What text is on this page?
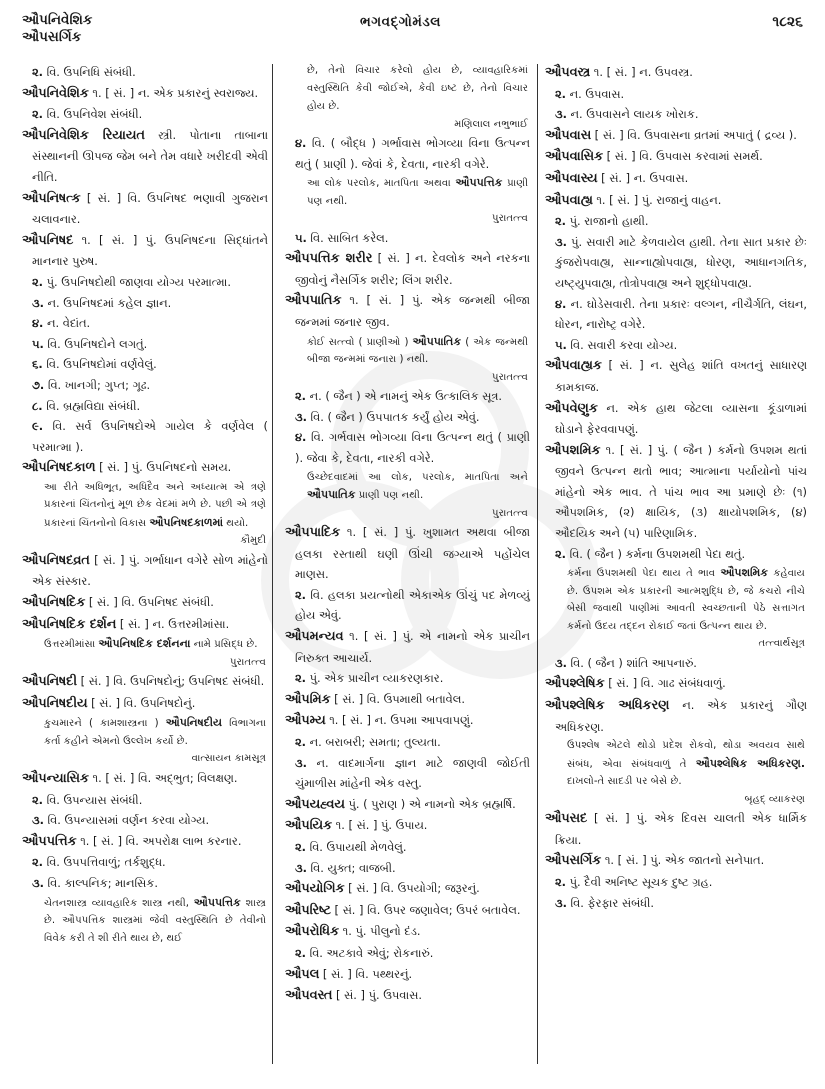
ઔપનિવેશિક
ઔપસર્ગિક
ભગવદ્ગોમંડલ	૧૮૨૬

૨. વિ. ઉપનિધિ સંબંધી.

ઔપનિવેશિક ૧. [ સં. ] ન. એક પ્રકારનું સ્વરાજ્ય.

૨. વિ. ઉપનિવેશ સંબંધી.

ઔપનિવેશિક રિયાયત સ્ત્રી. પોતાના તાબાના સંસ્થાનની ઊપજ જેમ બને તેમ વધારે ખરીદવી એવી નીતિ.

ઔપનિષત્ક [ સં. ] વિ. ઉપનિષદ ભણાવી ગુજરાન ચલાવનાર.

ઔપનિષદ ૧. [ સં. ] પું. ઉપનિષદના સિદ્ધાંતને માનનાર પુરુષ.

૨. પું. ઉપનિષદોથી જાણવા યોગ્ય પરમાત્મા.

૩. ન. ઉપનિષદમાં કહેલ જ્ઞાન.

૪. ન. વેદાંત.

૫. વિ. ઉપનિષદોને લગતું.

૬. વિ. ઉપનિષદોમાં વર્ણવેલું.

૭. વિ. ખાનગી; ગુપ્ત; ગૂઢ.

૮. વિ. બ્રહ્મવિદ્યા સંબંધી.

૯. વિ. સર્વ ઉપનિષદોએ ગાયેલ કે વર્ણવેલ ( પરમાત્મા ).

ઔપનિષદકાળ [ સં. ] પું. ઉપનિષદનો સમય.

આ રીતે અધિભૂત, અધિદૈવ અને અધ્યાત્મ એ ત્રણે પ્રકારનાં ચિંતનોનું મૂળ છેક વેદમાં મળે છે. પછી એ ત્રણે પ્રકારનાં ચિંતનોનો વિકાસ ઔપનિષદકાળમાં થયો.
કૌમુદી

ઔપનિષદવ્રત [ સં. ] પું. ગર્ભાધાન વગેરે સોળ માંહેનો એક સંસ્કાર.

ઔપનિષદિક [ સં. ] વિ. ઉપનિષદ સંબંધી.

ઔપનિષદિક દર્શન [ સં. ] ન. ઉત્તરમીમાંસા.

ઉત્તરમીમાંસા ઔપનિષદિક દર્શનના નામે પ્રસિદ્ધ છે.
પુરાતત્ત્વ

ઔપનિષદી [ સં. ] વિ. ઉપનિષદોનું; ઉપનિષદ સંબંધી.

ઔપનિષદીય [ સં. ] વિ. ઉપનિષદોનું.

કુચમારને ( કામશાસ્ત્રના ) ઔપનિષદીય વિભાગના કર્તા કહીને એમનો ઉલ્લેખ કર્યો છે.
વાત્સાયન કામસૂત્ર

ઔપન્યાસિક ૧. [ સં. ] વિ. અદ્ભુત; વિલક્ષણ.

૨. વિ. ઉપન્યાસ સંબંધી.

૩. વિ. ઉપન્યાસમાં વર્ણન કરવા યોગ્ય.

ઔપપત્તિક ૧. [ સં. ] વિ. અપરોક્ષ લાભ કરનાર.

૨. વિ. ઉપપત્તિવાળું; તર્કશુદ્ધ.

૩. વિ. કાલ્પનિક; માનસિક.

ચેતનશાસ્ત્ર વ્યાવહારિક શાસ્ત્ર નથી, ઔપપત્તિક શાસ્ત્ર છે. ઔપપત્તિક શાસ્ત્રમાં જેવી વસ્તુસ્થિતિ છે તેવીનો વિવેક કરી તે શી રીતે થાય છે, થઈ

છે, તેનો વિચાર કરેલો હોય છે, વ્યાવહારિકમાં વસ્તુસ્થિતિ કેવી જોઈએ, કેવી ઇષ્ટ છે, તેનો વિચાર હોય છે.
મણિલાલ નભુભાઈ

૪. વિ. ( બૌદ્ધ ) ગર્ભાવાસ ભોગવ્યા વિના ઉત્પન્ન થતું ( પ્રાણી ). જેવાં કે, દેવતા, નારકી વગેરે.

આ લોક પરલોક, માતપિતા અથવા ઔપપત્તિક પ્રાણી પણ નથી.
પુરાતત્ત્વ

૫. વિ. સાબિત કરેલ.

ઔપપત્તિક શરીર [ સં. ] ન. દેવલોક અને નરકના જીવોનું નૈસર્ગિક શરીર; લિંગ શરીર.

ઔપપાતિક ૧. [ સં. ] પું. એક જન્મથી બીજા જન્મમાં જનાર જીવ.

કોઈ સત્ત્વો ( પ્રાણીઓ ) ઔપપાતિક ( એક જન્મથી બીજા જન્મમાં જનારા ) નથી.
પુરાતત્ત્વ

૨. ન. ( જૈન ) એ નામનું એક ઉત્કાલિક સૂત્ર.

૩. વિ. ( જૈન ) ઉપપાતક કર્યું હોય એવું.

૪. વિ. ગર્ભવાસ ભોગવ્યા વિના ઉત્પન્ન થતું ( પ્રાણી ). જેવા કે, દેવતા, નારકી વગેરે.

ઉચ્છેદવાદમાં આ લોક, પરલોક, માતપિતા અને ઔપપાતિક પ્રાણી પણ નથી.
પુરાતત્ત્વ

ઔપપાદિક ૧. [ સં. ] પું. ખુશામત અથવા બીજા હલકા રસ્તાથી ઘણી ઊંચી જગ્યાએ પહોંચેલ માણસ.

૨. વિ. હલકા પ્રયત્નોથી એકાએક ઊંચું પદ મેળવ્યું હોય એવું.

ઔપમન્યવ ૧. [ સં. ] પું. એ નામનો એક પ્રાચીન નિરુક્ત આચાર્ય.

૨. પું. એક પ્રાચીન વ્યાકરણકાર.

ઔપમિક [ સં. ] વિ. ઉપમાથી બતાવેલ.

ઔપમ્ય ૧. [ સં. ] ન. ઉપમા આપવાપણું.

૨. ન. બરાબરી; સમતા; તુલ્યતા.

૩. ન. વાદમાર્ગના જ્ઞાન માટે જાણવી જોઈતી ચુંમાળીસ માંહેની એક વસ્તુ.

ઔપયહ્વય પું. ( પુરાણ ) એ નામનો એક બ્રહ્મર્ષિ.

ઔપયિક ૧. [ સં. ] પું. ઉપાય.

૨. વિ. ઉપાયથી મેળવેલું.

૩. વિ. યુક્ત; વાજબી.

ઔપયોગિક [ સં. ] વિ. ઉપયોગી; જરૂરનું.

ઔપરિષ્ટ [ સં. ] વિ. ઉપર જણાવેલ; ઉપરં બતાવેલ.

ઔપરોધિક ૧. પું. પીલુનો દંડ.

૨. વિ. અટકાવે એવું; રોકનારું.

ઔપલ [ સં. ] વિ. પથ્થરનું.

ઔપવસ્ત [ સં. ] પું. ઉપવાસ.

ઔપવસ્ત્ર ૧. [ સં. ] ન. ઉપવસ્ત્ર.

૨. ન. ઉપવાસ.

૩. ન. ઉપવાસને લાયક ખોરાક.

ઔપવાસ [ સં. ] વિ. ઉપવાસના વ્રતમાં અપાતું ( દ્રવ્ય ).

ઔપવાસિક [ સં. ] વિ. ઉપવાસ કરવામાં સમર્થ.

ઔપવાસ્ય [ સં. ] ન. ઉપવાસ.

ઔપવાહ્ય ૧. [ સં. ] પું. રાજાનું વાહન.

૨. પું. રાજાનો હાથી.

૩. પું. સવારી માટે કેળવાયેલ હાથી. તેના સાત પ્રકાર છેઃ કુંજરોપવાહ્ય, સાન્નાહ્યોપવાહ્ય, ધોરણ, આધાનગતિક, યષ્ટ્યુપવાહ્ય, તોત્રોપવાહ્ય અને શુદ્ધોપવાહ્ય.

૪. ન. ઘોડેસવારી. તેના પ્રકારઃ વલ્ગન, નીચૈર્ગતિ, લંઘન, ધોરન, નારોષ્ટ્ર વગેરે.

૫. વિ. સવારી કરવા યોગ્ય.

ઔપવાહ્યક [ સં. ] ન. સુલેહ શાંતિ વખતનું સાધારણ કામકાજ.

ઔપવેણુક ન. એક હાથ જેટલા વ્યાસના કૂંડાળામાં ઘોડાને ફેરવવાપણું.

ઔપશમિક ૧. [ સં. ] પું. ( જૈન ) કર્મનો ઉપશમ થતાં જીવને ઉત્પન્ન થતો ભાવ; આત્માના પર્યાયોનો પાંચ માંહેનો એક ભાવ. તે પાંચ ભાવ આ પ્રમાણે છેઃ (૧) ઔપશમિક, (૨) ક્ષાયિક, (૩) ક્ષાયોપશમિક, (૪) ઔદયિક અને (૫) પારિણામિક.

૨. વિ. ( જૈન ) કર્મના ઉપશમથી પેદા થતું.

કર્મના ઉપશમથી પેદા થાય તે ભાવ ઔપશમિક કહેવાય છે. ઉપશમ એક પ્રકારની આત્મશુદ્ધિ છે, જે કચરો નીચે બેસી જવાથી પાણીમાં આવતી સ્વચ્છતાની પેઠે સત્તાગત કર્મનો ઉદય તદ્દન રોકાઈ જતાં ઉત્પન્ન થાય છે.
તત્ત્વાર્થસૂત્ર

૩. વિ. ( જૈન ) શાંતિ આપનારું.

ઔપશ્લેષિક [ સં. ] વિ. ગાઢ સંબંધવાળું.

ઔપશ્લેષિક અધિકરણ ન. એક પ્રકારનું ગૌણ અધિકરણ.

ઉપશ્લેષ એટલે થોડો પ્રદેશ રોકવો, થોડા અવયવ સાથે સંબંધ, એવા સંબંધવાળું તે ઔપશ્લેષિક અધિકરણ. દાખલો-તે સાદડી પર બેસે છે.
બૃહદ્ વ્યાકરણ

ઔપસદ [ સં. ] પું. એક દિવસ ચાલતી એક ધાર્મિક ક્રિયા.

ઔપસર્ગિક ૧. [ સં. ] પું. એક જાતનો સનેપાત.

૨. પું. દૈવી અનિષ્ટ સૂચક દુષ્ટ ગ્રહ.

૩. વિ. ફેરફાર સંબંધી.
